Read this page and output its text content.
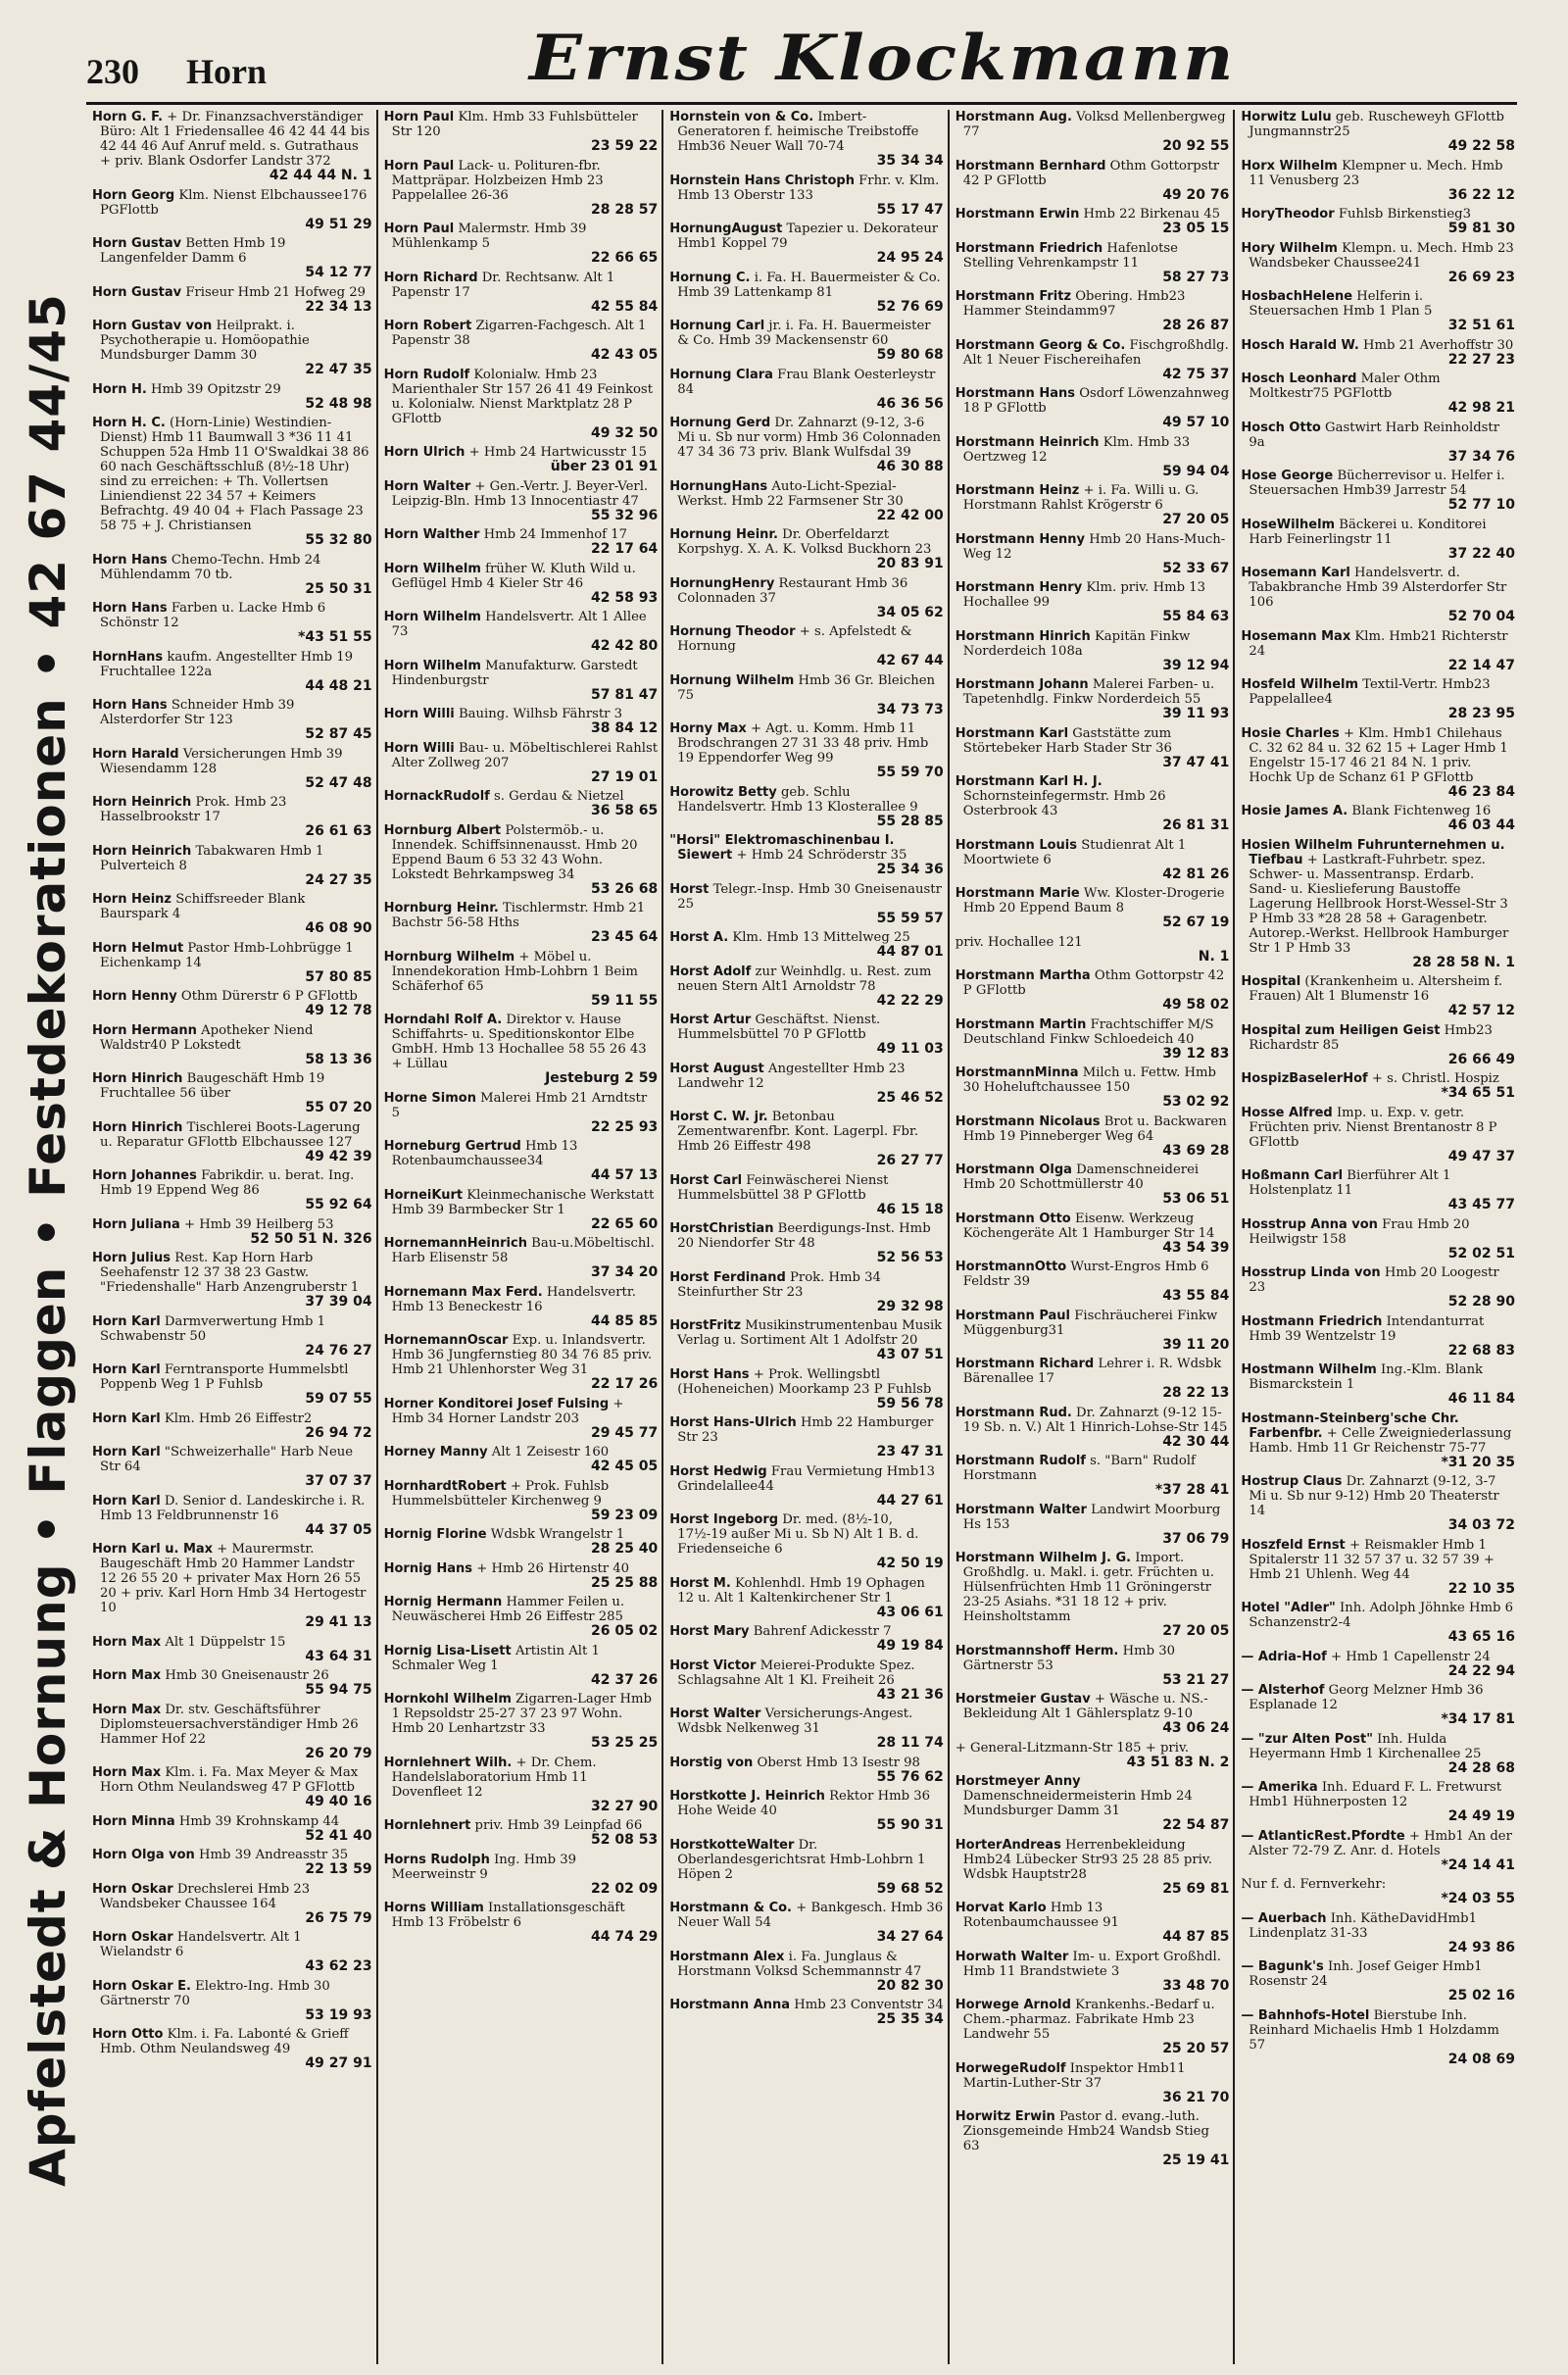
230 Horn	Ernst Klockmann
Apfelstedt & Hornung • Flaggen • Festdekorationen • 42 67 44/45
Horn G. F. + Dr. Finanzsachverständiger Büro: Alt 1 Friedensallee 46 42 44 44 bis 42 44 46 Auf Anruf meld. s. Gutrathaus + priv. Blank Osdorfer Landstr 372
42 44 44 N. 1
Horn Georg Klm. Nienst Elbchaussee176 PGFlottb
49 51 29
Horn Gustav Betten Hmb 19 Langenfelder Damm 6
54 12 77
Horn Gustav Friseur Hmb 21 Hofweg 29
22 34 13
Horn Gustav von Heilprakt. i. Psychotherapie u. Homöopathie Mundsburger Damm 30
22 47 35
Horn H. Hmb 39 Opitzstr 29
52 48 98
Horn H. C. (Horn-Linie) Westindien-Dienst) Hmb 11 Baumwall 3 *36 11 41 Schuppen 52a Hmb 11 O'Swaldkai 38 86 60 nach Geschäftsschluß (8½-18 Uhr) sind zu erreichen: + Th. Vollertsen Liniendienst 22 34 57 + Keimers Befrachtg. 49 40 04 + Flach Passage 23 58 75 + J. Christiansen
55 32 80
Horn Hans Chemo-Techn. Hmb 24 Mühlendamm 70 tb.
25 50 31
Horn Hans Farben u. Lacke Hmb 6 Schönstr 12
*43 51 55
HornHans kaufm. Angestellter Hmb 19 Fruchtallee 122a
44 48 21
Horn Hans Schneider Hmb 39 Alsterdorfer Str 123
52 87 45
Horn Harald Versicherungen Hmb 39 Wiesendamm 128
52 47 48
Horn Heinrich Prok. Hmb 23 Hasselbrookstr 17
26 61 63
Horn Heinrich Tabakwaren Hmb 1 Pulverteich 8
24 27 35
Horn Heinz Schiffsreeder Blank Baurspark 4
46 08 90
Horn Helmut Pastor Hmb-Lohbrügge 1 Eichenkamp 14
57 80 85
Horn Henny Othm Dürerstr 6 P GFlottb
49 12 78
Horn Hermann Apotheker Niend Waldstr40 P Lokstedt
58 13 36
Horn Hinrich Baugeschäft Hmb 19 Fruchtallee 56 über
55 07 20
Horn Hinrich Tischlerei Boots-Lagerung u. Reparatur GFlottb Elbchaussee 127
49 42 39
Horn Johannes Fabrikdir. u. berat. Ing. Hmb 19 Eppend Weg 86
55 92 64
Horn Juliana + Hmb 39 Heilberg 53
52 50 51 N. 326
Horn Julius Rest. Kap Horn Harb Seehafenstr 12 37 38 23 Gastw. "Friedenshalle" Harb Anzengruberstr 1
37 39 04
Horn Karl Darmverwertung Hmb 1 Schwabenstr 50
24 76 27
Horn Karl Ferntransporte Hummelsbtl Poppenb Weg 1 P Fuhlsb
59 07 55
Horn Karl Klm. Hmb 26 Eiffestr2
26 94 72
Horn Karl "Schweizerhalle" Harb Neue Str 64
37 07 37
Horn Karl D. Senior d. Landeskirche i. R. Hmb 13 Feldbrunnenstr 16
44 37 05
Horn Karl u. Max + Maurermstr. Baugeschäft Hmb 20 Hammer Landstr 12 26 55 20 + privater Max Horn 26 55 20 + priv. Karl Horn Hmb 34 Hertogestr 10
29 41 13
Horn Max Alt 1 Düppelstr 15
43 64 31
Horn Max Hmb 30 Gneisenaustr 26
55 94 75
Horn Max Dr. stv. Geschäftsführer Diplomsteuersachverständiger Hmb 26 Hammer Hof 22
26 20 79
Horn Max Klm. i. Fa. Max Meyer & Max Horn Othm Neulandsweg 47 P GFlottb
49 40 16
Horn Minna Hmb 39 Krohnskamp 44
52 41 40
Horn Olga von Hmb 39 Andreasstr 35
22 13 59
Horn Oskar Drechslerei Hmb 23 Wandsbeker Chaussee 164
26 75 79
Horn Oskar Handelsvertr. Alt 1 Wielandstr 6
43 62 23
Horn Oskar E. Elektro-Ing. Hmb 30 Gärtnerstr 70
53 19 93
Horn Otto Klm. i. Fa. Labonté & Grieff Hmb. Othm Neulandsweg 49
49 27 91
Horn Paul Klm. Hmb 33 Fuhlsbütteler Str 120
23 59 22
Horn Paul Lack- u. Polituren-fbr. Mattpräpar. Holzbeizen Hmb 23 Pappelallee 26-36
28 28 57
Horn Paul Malermstr. Hmb 39 Mühlenkamp 5
22 66 65
Horn Richard Dr. Rechtsanw. Alt 1 Papenstr 17
42 55 84
Horn Robert Zigarren-Fachgesch. Alt 1 Papenstr 38
42 43 05
Horn Rudolf Kolonialw. Hmb 23 Marienthaler Str 157 26 41 49 Feinkost u. Kolonialw. Nienst Marktplatz 28 P GFlottb
49 32 50
Horn Ulrich + Hmb 24 Hartwicusstr 15
über 23 01 91
Horn Walter + Gen.-Vertr. J. Beyer-Verl. Leipzig-Bln. Hmb 13 Innocentiastr 47
55 32 96
Horn Walther Hmb 24 Immenhof 17
22 17 64
Horn Wilhelm früher W. Kluth Wild u. Geflügel Hmb 4 Kieler Str 46
42 58 93
Horn Wilhelm Handelsvertr. Alt 1 Allee 73
42 42 80
Horn Wilhelm Manufakturw. Garstedt Hindenburgstr
57 81 47
Horn Willi Bauing. Wilhsb Fährstr 3
38 84 12
Horn Willi Bau- u. Möbeltischlerei Rahlst Alter Zollweg 207
27 19 01
HornackRudolf s. Gerdau & Nietzel
36 58 65
Hornburg Albert Polstermöb.- u. Innendek. Schiffsinnenausst. Hmb 20 Eppend Baum 6 53 32 43 Wohn. Lokstedt Behrkampsweg 34
53 26 68
Hornburg Heinr. Tischlermstr. Hmb 21 Bachstr 56-58 Hths
23 45 64
Hornburg Wilhelm + Möbel u. Innendekoration Hmb-Lohbrn 1 Beim Schäferhof 65
59 11 55
Horndahl Rolf A. Direktor v. Hause Schiffahrts- u. Speditionskontor Elbe GmbH. Hmb 13 Hochallee 58 55 26 43 + Lüllau
Jesteburg 2 59
Horne Simon Malerei Hmb 21 Arndtstr 5
22 25 93
Horneburg Gertrud Hmb 13 Rotenbaumchaussee34
44 57 13
HorneiKurt Kleinmechanische Werkstatt Hmb 39 Barmbecker Str 1
22 65 60
HornemannHeinrich Bau-u.Möbeltischl. Harb Elisenstr 58
37 34 20
Hornemann Max Ferd. Handelsvertr. Hmb 13 Beneckestr 16
44 85 85
HornemannOscar Exp. u. Inlandsvertr. Hmb 36 Jungfernstieg 80 34 76 85 priv. Hmb 21 Uhlenhorster Weg 31
22 17 26
Horner Konditorei Josef Fulsing + Hmb 34 Horner Landstr 203
29 45 77
Horney Manny Alt 1 Zeisestr 160
42 45 05
HornhardtRobert + Prok. Fuhlsb Hummelsbütteler Kirchenweg 9
59 23 09
Hornig Florine Wdsbk Wrangelstr 1
28 25 40
Hornig Hans + Hmb 26 Hirtenstr 40
25 25 88
Hornig Hermann Hammer Feilen u. Neuwäscherei Hmb 26 Eiffestr 285
26 05 02
Hornig Lisa-Lisett Artistin Alt 1 Schmaler Weg 1
42 37 26
Hornkohl Wilhelm Zigarren-Lager Hmb 1 Repsoldstr 25-27 37 23 97 Wohn. Hmb 20 Lenhartzstr 33
53 25 25
Hornlehnert Wilh. + Dr. Chem. Handelslaboratorium Hmb 11 Dovenfleet 12
32 27 90
Hornlehnert priv. Hmb 39 Leinpfad 66
52 08 53
Horns Rudolph Ing. Hmb 39 Meerweinstr 9
22 02 09
Horns William Installationsgeschäft Hmb 13 Fröbelstr 6
44 74 29
Hornstein von & Co. Imbert-Generatoren f. heimische Treibstoffe Hmb36 Neuer Wall 70-74
35 34 34
Hornstein Hans Christoph Frhr. v. Klm. Hmb 13 Oberstr 133
55 17 47
HornungAugust Tapezier u. Dekorateur Hmb1 Koppel 79
24 95 24
Hornung C. i. Fa. H. Bauermeister & Co. Hmb 39 Lattenkamp 81
52 76 69
Hornung Carl jr. i. Fa. H. Bauermeister & Co. Hmb 39 Mackensenstr 60
59 80 68
Hornung Clara Frau Blank Oesterleystr 84
46 36 56
Hornung Gerd Dr. Zahnarzt (9-12, 3-6 Mi u. Sb nur vorm) Hmb 36 Colonnaden 47 34 36 73 priv. Blank Wulfsdal 39
46 30 88
HornungHans Auto-Licht-Spezial-Werkst. Hmb 22 Farmsener Str 30
22 42 00
Hornung Heinr. Dr. Oberfeldarzt Korpshyg. X. A. K. Volksd Buckhorn 23
20 83 91
HornungHenry Restaurant Hmb 36 Colonnaden 37
34 05 62
Hornung Theodor + s. Apfelstedt & Hornung
42 67 44
Hornung Wilhelm Hmb 36 Gr. Bleichen 75
34 73 73
Horny Max + Agt. u. Komm. Hmb 11 Brodschrangen 27 31 33 48 priv. Hmb 19 Eppendorfer Weg 99
55 59 70
Horowitz Betty geb. Schlu Handelsvertr. Hmb 13 Klosterallee 9
55 28 85
"Horsi" Elektromaschinenbau I. Siewert + Hmb 24 Schröderstr 35
25 34 36
Horst Telegr.-Insp. Hmb 30 Gneisenaustr 25
55 59 57
Horst A. Klm. Hmb 13 Mittelweg 25
44 87 01
Horst Adolf zur Weinhdlg. u. Rest. zum neuen Stern Alt1 Arnoldstr 78
42 22 29
Horst Artur Geschäftst. Nienst. Hummelsbüttel 70 P GFlottb
49 11 03
Horst August Angestellter Hmb 23 Landwehr 12
25 46 52
Horst C. W. jr. Betonbau Zementwarenfbr. Kont. Lagerpl. Fbr. Hmb 26 Eiffestr 498
26 27 77
Horst Carl Feinwäscherei Nienst Hummelsbüttel 38 P GFlottb
46 15 18
HorstChristian Beerdigungs-Inst. Hmb 20 Niendorfer Str 48
52 56 53
Horst Ferdinand Prok. Hmb 34 Steinfurther Str 23
29 32 98
HorstFritz Musikinstrumentenbau Musik Verlag u. Sortiment Alt 1 Adolfstr 20
43 07 51
Horst Hans + Prok. Wellingsbtl (Hoheneichen) Moorkamp 23 P Fuhlsb
59 56 78
Horst Hans-Ulrich Hmb 22 Hamburger Str 23
23 47 31
Horst Hedwig Frau Vermietung Hmb13 Grindelallee44
44 27 61
Horst Ingeborg Dr. med. (8½-10, 17½-19 außer Mi u. Sb N) Alt 1 B. d. Friedenseiche 6
42 50 19
Horst M. Kohlenhdl. Hmb 19 Ophagen 12 u. Alt 1 Kaltenkirchener Str 1
43 06 61
Horst Mary Bahrenf Adickesstr 7
49 19 84
Horst Victor Meierei-Produkte Spez. Schlagsahne Alt 1 Kl. Freiheit 26
43 21 36
Horst Walter Versicherungs-Angest. Wdsbk Nelkenweg 31
28 11 74
Horstig von Oberst Hmb 13 Isestr 98
55 76 62
Horstkotte J. Heinrich Rektor Hmb 36 Hohe Weide 40
55 90 31
HorstkotteWalter Dr. Oberlandesgerichtsrat Hmb-Lohbrn 1 Höpen 2
59 68 52
Horstmann & Co. + Bankgesch. Hmb 36 Neuer Wall 54
34 27 64
Horstmann Alex i. Fa. Junglaus & Horstmann Volksd Schemmannstr 47
20 82 30
Horstmann Anna Hmb 23 Conventstr 34
25 35 34
Horstmann Aug. Volksd Mellenbergweg 77
20 92 55
Horstmann Bernhard Othm Gottorpstr 42 P GFlottb
49 20 76
Horstmann Erwin Hmb 22 Birkenau 45
23 05 15
Horstmann Friedrich Hafenlotse Stelling Vehrenkampstr 11
58 27 73
Horstmann Fritz Obering. Hmb23 Hammer Steindamm97
28 26 87
Horstmann Georg & Co. Fischgroßhdlg. Alt 1 Neuer Fischereihafen
42 75 37
Horstmann Hans Osdorf Löwenzahnweg 18 P GFlottb
49 57 10
Horstmann Heinrich Klm. Hmb 33 Oertzweg 12
59 94 04
Horstmann Heinz + i. Fa. Willi u. G. Horstmann Rahlst Krögerstr 6
27 20 05
Horstmann Henny Hmb 20 Hans-Much-Weg 12
52 33 67
Horstmann Henry Klm. priv. Hmb 13 Hochallee 99
55 84 63
Horstmann Hinrich Kapitän Finkw Norderdeich 108a
39 12 94
Horstmann Johann Malerei Farben- u. Tapetenhdlg. Finkw Norderdeich 55
39 11 93
Horstmann Karl Gaststätte zum Störtebeker Harb Stader Str 36
37 47 41
Horstmann Karl H. J. Schornsteinfegermstr. Hmb 26 Osterbrook 43
26 81 31
Horstmann Louis Studienrat Alt 1 Moortwiete 6
42 81 26
Horstmann Marie Ww. Kloster-Drogerie Hmb 20 Eppend Baum 8
52 67 19
priv. Hochallee 121
N. 1
Horstmann Martha Othm Gottorpstr 42 P GFlottb
49 58 02
Horstmann Martin Frachtschiffer M/S Deutschland Finkw Schloedeich 40
39 12 83
HorstmannMinna Milch u. Fettw. Hmb 30 Hoheluftchaussee 150
53 02 92
Horstmann Nicolaus Brot u. Backwaren Hmb 19 Pinneberger Weg 64
43 69 28
Horstmann Olga Damenschneiderei Hmb 20 Schottmüllerstr 40
53 06 51
Horstmann Otto Eisenw. Werkzeug Köchengeräte Alt 1 Hamburger Str 14
43 54 39
HorstmannOtto Wurst-Engros Hmb 6 Feldstr 39
43 55 84
Horstmann Paul Fischräucherei Finkw Müggenburg31
39 11 20
Horstmann Richard Lehrer i. R. Wdsbk Bärenallee 17
28 22 13
Horstmann Rud. Dr. Zahnarzt (9-12 15-19 Sb. n. V.) Alt 1 Hinrich-Lohse-Str 145
42 30 44
Horstmann Rudolf s. "Barn" Rudolf Horstmann
*37 28 41
Horstmann Walter Landwirt Moorburg Hs 153
37 06 79
Horstmann Wilhelm J. G. Import. Großhdlg. u. Makl. i. getr. Früchten u. Hülsenfrüchten Hmb 11 Gröningerstr 23-25 Asiahs. *31 18 12 + priv. Heinsholtstamm
27 20 05
Horstmannshoff Herm. Hmb 30 Gärtnerstr 53
53 21 27
Horstmeier Gustav + Wäsche u. NS.-Bekleidung Alt 1 Gählersplatz 9-10
43 06 24
+ General-Litzmann-Str 185 + priv.
43 51 83 N. 2
Horstmeyer Anny Damenschneidermeisterin Hmb 24 Mundsburger Damm 31
22 54 87
HorterAndreas Herrenbekleidung Hmb24 Lübecker Str93 25 28 85 priv. Wdsbk Hauptstr28
25 69 81
Horvat Karlo Hmb 13 Rotenbaumchaussee 91
44 87 85
Horwath Walter Im- u. Export Großhdl. Hmb 11 Brandstwiete 3
33 48 70
Horwege Arnold Krankenhs.-Bedarf u. Chem.-pharmaz. Fabrikate Hmb 23 Landwehr 55
25 20 57
HorwegeRudolf Inspektor Hmb11 Martin-Luther-Str 37
36 21 70
Horwitz Erwin Pastor d. evang.-luth. Zionsgemeinde Hmb24 Wandsb Stieg 63
25 19 41
Horwitz Lulu geb. Ruscheweyh GFlottb Jungmannstr25
49 22 58
Horx Wilhelm Klempner u. Mech. Hmb 11 Venusberg 23
36 22 12
HoryTheodor Fuhlsb Birkenstieg3
59 81 30
Hory Wilhelm Klempn. u. Mech. Hmb 23 Wandsbeker Chaussee241
26 69 23
HosbachHelene Helferin i. Steuersachen Hmb 1 Plan 5
32 51 61
Hosch Harald W. Hmb 21 Averhoffstr 30
22 27 23
Hosch Leonhard Maler Othm Moltkestr75 PGFlottb
42 98 21
Hosch Otto Gastwirt Harb Reinholdstr 9a
37 34 76
Hose George Bücherrevisor u. Helfer i. Steuersachen Hmb39 Jarrestr 54
52 77 10
HoseWilhelm Bäckerei u. Konditorei Harb Feinerlingstr 11
37 22 40
Hosemann Karl Handelsvertr. d. Tabakbranche Hmb 39 Alsterdorfer Str 106
52 70 04
Hosemann Max Klm. Hmb21 Richterstr 24
22 14 47
Hosfeld Wilhelm Textil-Vertr. Hmb23 Pappelallee4
28 23 95
Hosie Charles + Klm. Hmb1 Chilehaus C. 32 62 84 u. 32 62 15 + Lager Hmb 1 Engelstr 15-17 46 21 84 N. 1 priv. Hochk Up de Schanz 61 P GFlottb
46 23 84
Hosie James A. Blank Fichtenweg 16
46 03 44
Hosien Wilhelm Fuhrunternehmen u. Tiefbau + Lastkraft-Fuhrbetr. spez. Schwer- u. Massentransp. Erdarb. Sand- u. Kieslieferung Baustoffe Lagerung Hellbrook Horst-Wessel-Str 3 P Hmb 33 *28 28 58 + Garagenbetr. Autorep.-Werkst. Hellbrook Hamburger Str 1 P Hmb 33
28 28 58 N. 1
Hospital (Krankenheim u. Altersheim f. Frauen) Alt 1 Blumenstr 16
42 57 12
Hospital zum Heiligen Geist Hmb23 Richardstr 85
26 66 49
HospizBaselerHof + s. Christl. Hospiz
*34 65 51
Hosse Alfred Imp. u. Exp. v. getr. Früchten priv. Nienst Brentanostr 8 P GFlottb
49 47 37
Hoßmann Carl Bierführer Alt 1 Holstenplatz 11
43 45 77
Hosstrup Anna von Frau Hmb 20 Heilwigstr 158
52 02 51
Hosstrup Linda von Hmb 20 Loogestr 23
52 28 90
Hostmann Friedrich Intendanturrat Hmb 39 Wentzelstr 19
22 68 83
Hostmann Wilhelm Ing.-Klm. Blank Bismarckstein 1
46 11 84
Hostmann-Steinberg'sche Chr. Farbenfbr. + Celle Zweigniederlassung Hamb. Hmb 11 Gr Reichenstr 75-77
*31 20 35
Hostrup Claus Dr. Zahnarzt (9-12, 3-7 Mi u. Sb nur 9-12) Hmb 20 Theaterstr 14
34 03 72
Hoszfeld Ernst + Reismakler Hmb 1 Spitalerstr 11 32 57 37 u. 32 57 39 + Hmb 21 Uhlenh. Weg 44
22 10 35
Hotel "Adler" Inh. Adolph Jöhnke Hmb 6 Schanzenstr2-4
43 65 16
— Adria-Hof + Hmb 1 Capellenstr 24
24 22 94
— Alsterhof Georg Melzner Hmb 36 Esplanade 12
*34 17 81
— "zur Alten Post" Inh. Hulda Heyermann Hmb 1 Kirchenallee 25
24 28 68
— Amerika Inh. Eduard F. L. Fretwurst Hmb1 Hühnerposten 12
24 49 19
— AtlanticRest.Pfordte + Hmb1 An der Alster 72-79 Z. Anr. d. Hotels
*24 14 41
Nur f. d. Fernverkehr:
*24 03 55
— Auerbach Inh. KätheDavidHmb1 Lindenplatz 31-33
24 93 86
— Bagunk's Inh. Josef Geiger Hmb1 Rosenstr 24
25 02 16
— Bahnhofs-Hotel Bierstube Inh. Reinhard Michaelis Hmb 1 Holzdamm 57
24 08 69
